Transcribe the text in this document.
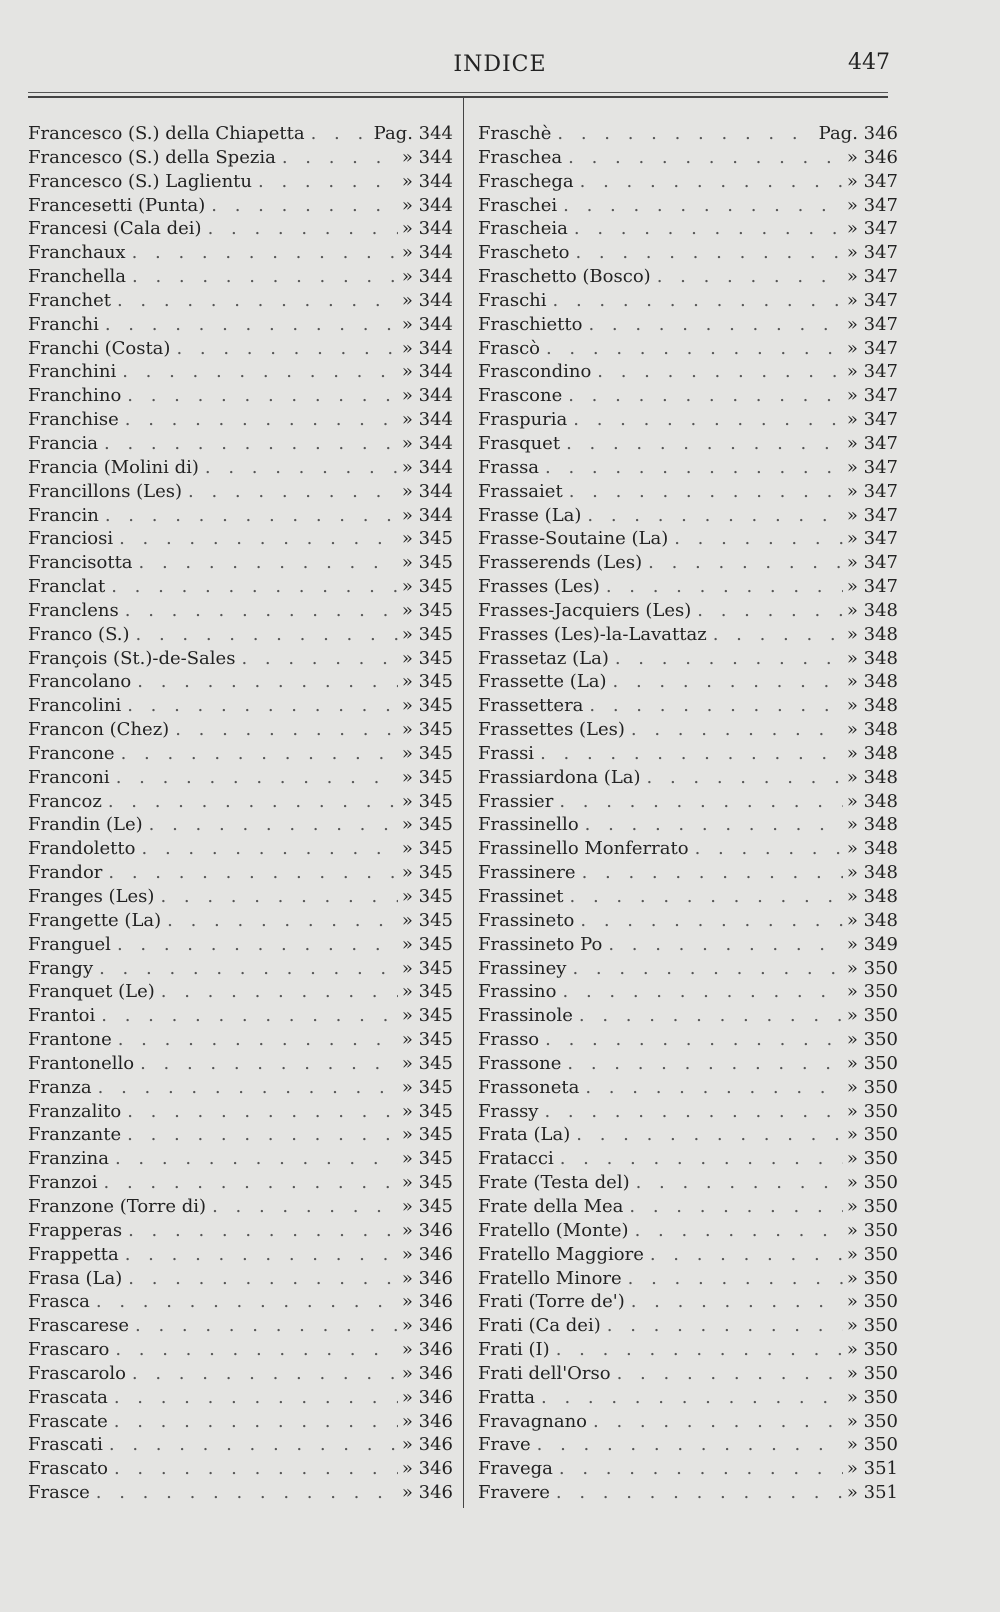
INDICE	447
Francesco (S.) della Chiapetta . . .	Pag. 344
Francesco (S.) della Spezia . . .	» 344
Francesco (S.) Laglientu . . .	» 344
Francesetti (Punta) . . .	» 344
Francesi (Cala dei) . . .	» 344
Franchaux . . .	» 344
Franchella . . .	» 344
Franchet . . .	» 344
Franchi . . .	» 344
Franchi (Costa) . . .	» 344
Franchini . . .	» 344
Franchino . . .	» 344
Franchise . . .	» 344
Francia . . .	» 344
Francia (Molini di) . . .	» 344
Francillons (Les) . . .	» 344
Francin . . .	» 344
Franciosi . . .	» 345
Francisotta . . .	» 345
Franclat . . .	» 345
Franclens . . .	» 345
Franco (S.) . . .	» 345
François (St.)-de-Sales . . .	» 345
Francolano . . .	» 345
Francolini . . .	» 345
Francon (Chez) . . .	» 345
Francone . . .	» 345
Franconi . . .	» 345
Francoz . . .	» 345
Frandin (Le) . . .	» 345
Frandoletto . . .	» 345
Frandor . . .	» 345
Franges (Les) . . .	» 345
Frangette (La) . . .	» 345
Franguel . . .	» 345
Frangy . . .	» 345
Franquet (Le) . . .	» 345
Frantoi . . .	» 345
Frantone . . .	» 345
Frantonello . . .	» 345
Franza . . .	» 345
Franzalito . . .	» 345
Franzante . . .	» 345
Franzina . . .	» 345
Franzoi . . .	» 345
Franzone (Torre di) . . .	» 345
Frapperas . . .	» 346
Frappetta . . .	» 346
Frasa (La) . . .	» 346
Frasca . . .	» 346
Frascarese . . .	» 346
Frascaro . . .	» 346
Frascarolo . . .	» 346
Frascata . . .	» 346
Frascate . . .	» 346
Frascati . . .	» 346
Frascato . . .	» 346
Frasce . . .	» 346
Fraschè . . .	Pag. 346
Fraschea . . .	» 346
Fraschega . . .	» 347
Fraschei . . .	» 347
Frascheia . . .	» 347
Frascheto . . .	» 347
Fraschetto (Bosco) . . .	» 347
Fraschi . . .	» 347
Fraschietto . . .	» 347
Frascò . . .	» 347
Frascondino . . .	» 347
Frascone . . .	» 347
Fraspuria . . .	» 347
Frasquet . . .	» 347
Frassa . . .	» 347
Frassaiet . . .	» 347
Frasse (La) . . .	» 347
Frasse-Soutaine (La) . . .	» 347
Frasserends (Les) . . .	» 347
Frasses (Les) . . .	» 347
Frasses-Jacquiers (Les) . . .	» 348
Frasses (Les)-la-Lavattaz . . .	» 348
Frassetaz (La) . . .	» 348
Frassette (La) . . .	» 348
Frassettera . . .	» 348
Frassettes (Les) . . .	» 348
Frassi . . .	» 348
Frassiardona (La) . . .	» 348
Frassier . . .	» 348
Frassinello . . .	» 348
Frassinello Monferrato . . .	» 348
Frassinere . . .	» 348
Frassinet . . .	» 348
Frassineto . . .	» 348
Frassineto Po . . .	» 349
Frassiney . . .	» 350
Frassino . . .	» 350
Frassinole . . .	» 350
Frasso . . .	» 350
Frassone . . .	» 350
Frassoneta . . .	» 350
Frassy . . .	» 350
Frata (La) . . .	» 350
Fratacci . . .	» 350
Frate (Testa del) . . .	» 350
Frate della Mea . . .	» 350
Fratello (Monte) . . .	» 350
Fratello Maggiore . . .	» 350
Fratello Minore . . .	» 350
Frati (Torre de') . . .	» 350
Frati (Ca dei) . . .	» 350
Frati (I) . . .	» 350
Frati dell'Orso . . .	» 350
Fratta . . .	» 350
Fravagnano . . .	» 350
Frave . . .	» 350
Fravega . . .	» 351
Fravere . . .	» 351
